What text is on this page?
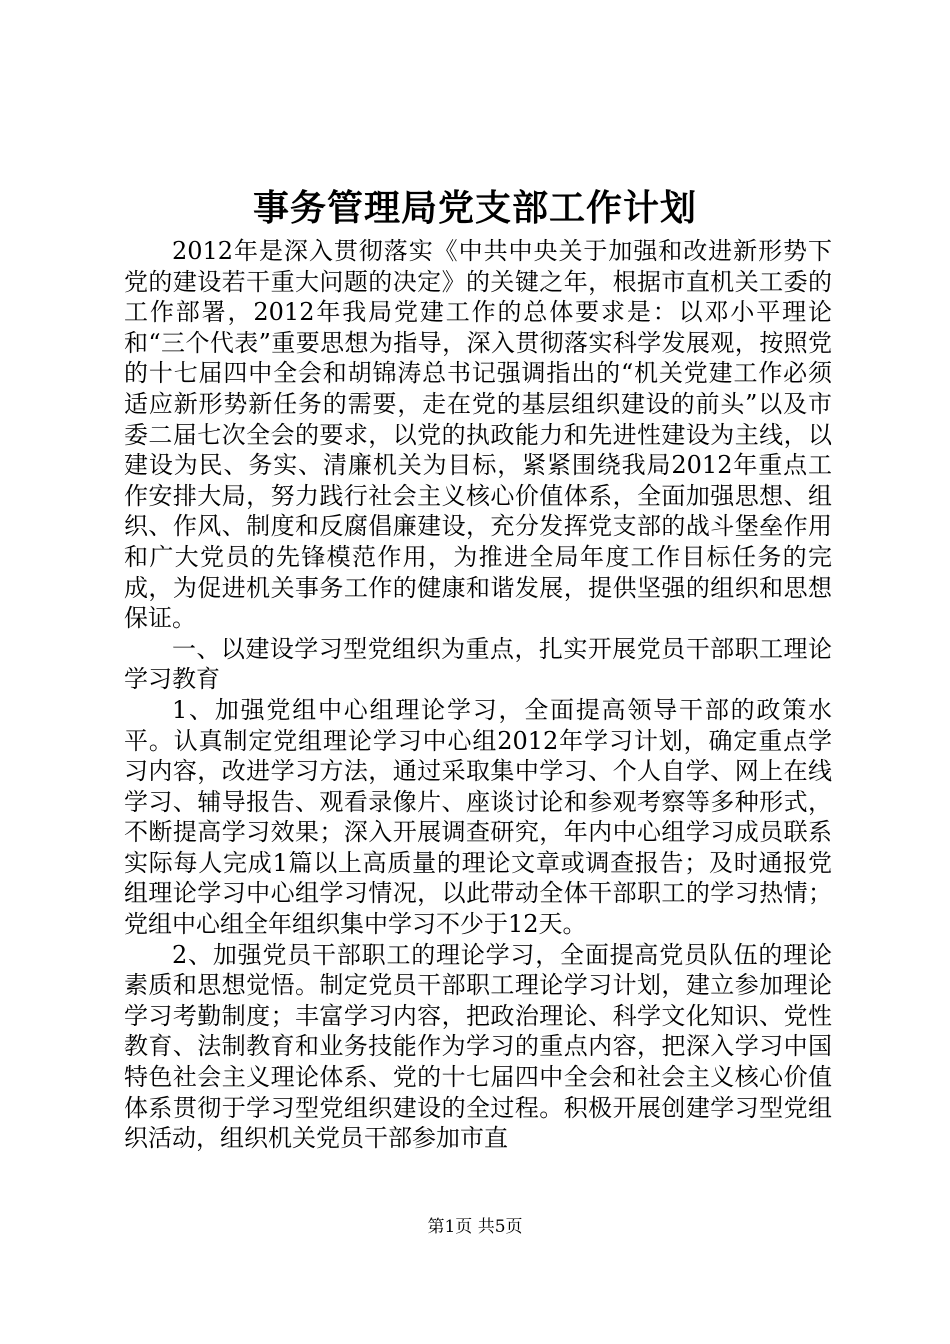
事务管理局党支部工作计划

2012年是深入贯彻落实《中共中央关于加强和改进新形势下党的建设若干重大问题的决定》的关键之年，根据市直机关工委的工作部署，2012年我局党建工作的总体要求是：以邓小平理论和“三个代表”重要思想为指导，深入贯彻落实科学发展观，按照党的十七届四中全会和胡锦涛总书记强调指出的“机关党建工作必须适应新形势新任务的需要，走在党的基层组织建设的前头”以及市委二届七次全会的要求，以党的执政能力和先进性建设为主线，以建设为民、务实、清廉机关为目标，紧紧围绕我局2012年重点工作安排大局，努力践行社会主义核心价值体系，全面加强思想、组织、作风、制度和反腐倡廉建设，充分发挥党支部的战斗堡垒作用和广大党员的先锋模范作用，为推进全局年度工作目标任务的完成，为促进机关事务工作的健康和谐发展，提供坚强的组织和思想保证。

一、以建设学习型党组织为重点，扎实开展党员干部职工理论学习教育

1、加强党组中心组理论学习，全面提高领导干部的政策水平。认真制定党组理论学习中心组2012年学习计划，确定重点学习内容，改进学习方法，通过采取集中学习、个人自学、网上在线学习、辅导报告、观看录像片、座谈讨论和参观考察等多种形式，不断提高学习效果；深入开展调查研究，年内中心组学习成员联系实际每人完成1篇以上高质量的理论文章或调查报告；及时通报党组理论学习中心组学习情况，以此带动全体干部职工的学习热情；党组中心组全年组织集中学习不少于12天。

2、加强党员干部职工的理论学习，全面提高党员队伍的理论素质和思想觉悟。制定党员干部职工理论学习计划，建立参加理论学习考勤制度；丰富学习内容，把政治理论、科学文化知识、党性教育、法制教育和业务技能作为学习的重点内容，把深入学习中国特色社会主义理论体系、党的十七届四中全会和社会主义核心价值体系贯彻于学习型党组织建设的全过程。积极开展创建学习型党组织活动，组织机关党员干部参加市直

第1页 共5页
